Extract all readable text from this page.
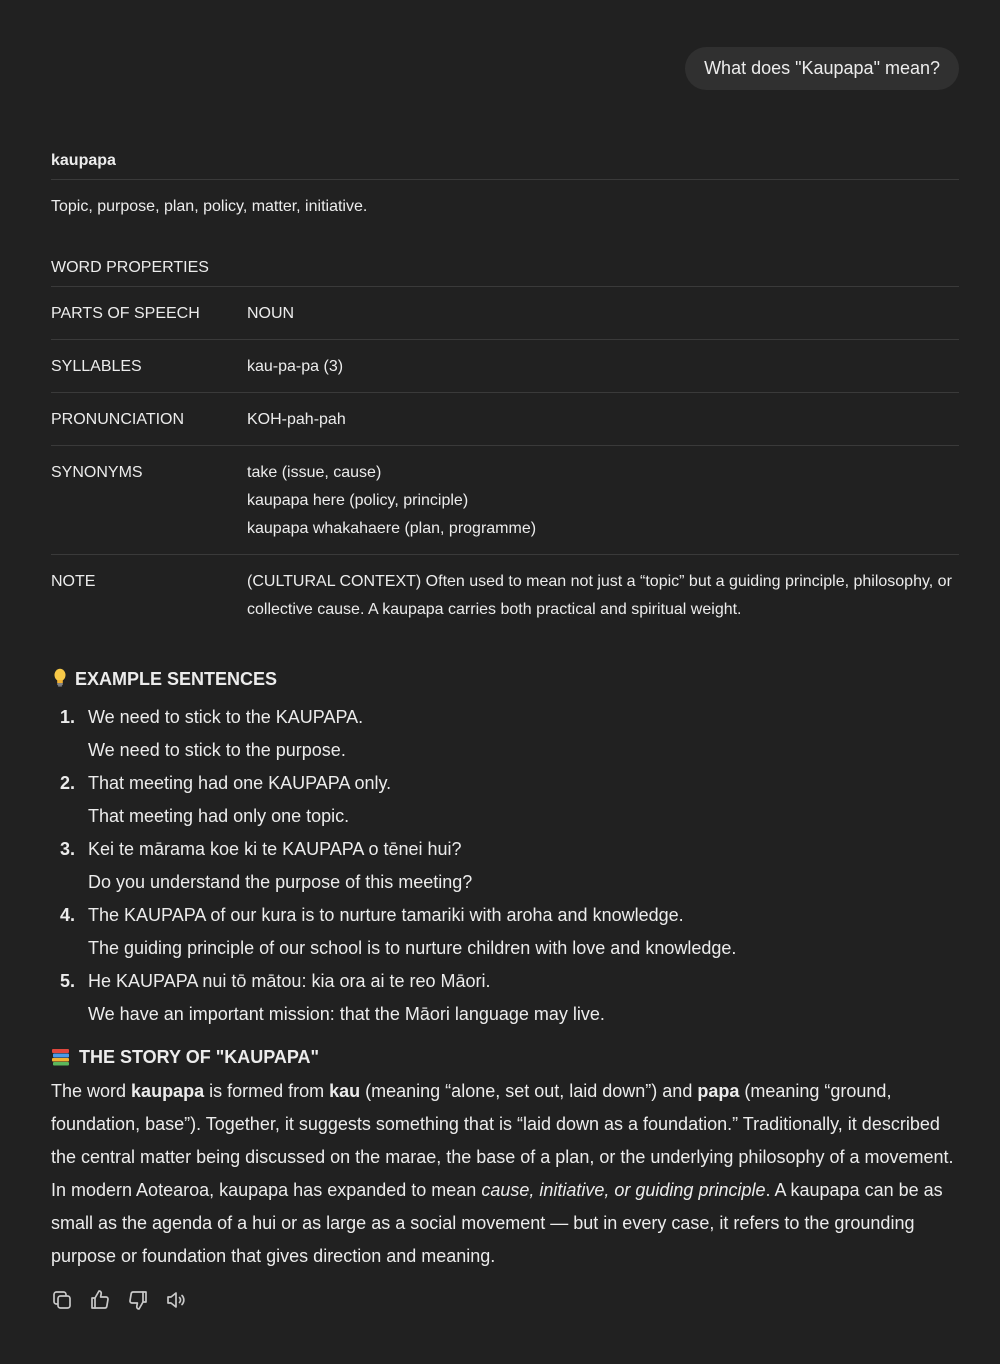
What does "Kaupapa" mean?
kaupapa
Topic, purpose, plan, policy, matter, initiative.
WORD PROPERTIES
PARTS OF SPEECH	NOUN
SYLLABLES	kau-pa-pa (3)
PRONUNCIATION	KOH-pah-pah
SYNONYMS	take (issue, cause)
kaupapa here (policy, principle)
kaupapa whakahaere (plan, programme)
NOTE	(CULTURAL CONTEXT) Often used to mean not just a “topic” but a guiding principle, philosophy, or collective cause. A kaupapa carries both practical and spiritual weight.
EXAMPLE SENTENCES
1. We need to stick to the KAUPAPA.
We need to stick to the purpose.
2. That meeting had one KAUPAPA only.
That meeting had only one topic.
3. Kei te mārama koe ki te KAUPAPA o tēnei hui?
Do you understand the purpose of this meeting?
4. The KAUPAPA of our kura is to nurture tamariki with aroha and knowledge.
The guiding principle of our school is to nurture children with love and knowledge.
5. He KAUPAPA nui tō mātou: kia ora ai te reo Māori.
We have an important mission: that the Māori language may live.
THE STORY OF "KAUPAPA"
The word kaupapa is formed from kau (meaning “alone, set out, laid down”) and papa (meaning “ground, foundation, base”). Together, it suggests something that is “laid down as a foundation.” Traditionally, it described the central matter being discussed on the marae, the base of a plan, or the underlying philosophy of a movement. In modern Aotearoa, kaupapa has expanded to mean cause, initiative, or guiding principle. A kaupapa can be as small as the agenda of a hui or as large as a social movement — but in every case, it refers to the grounding purpose or foundation that gives direction and meaning.
